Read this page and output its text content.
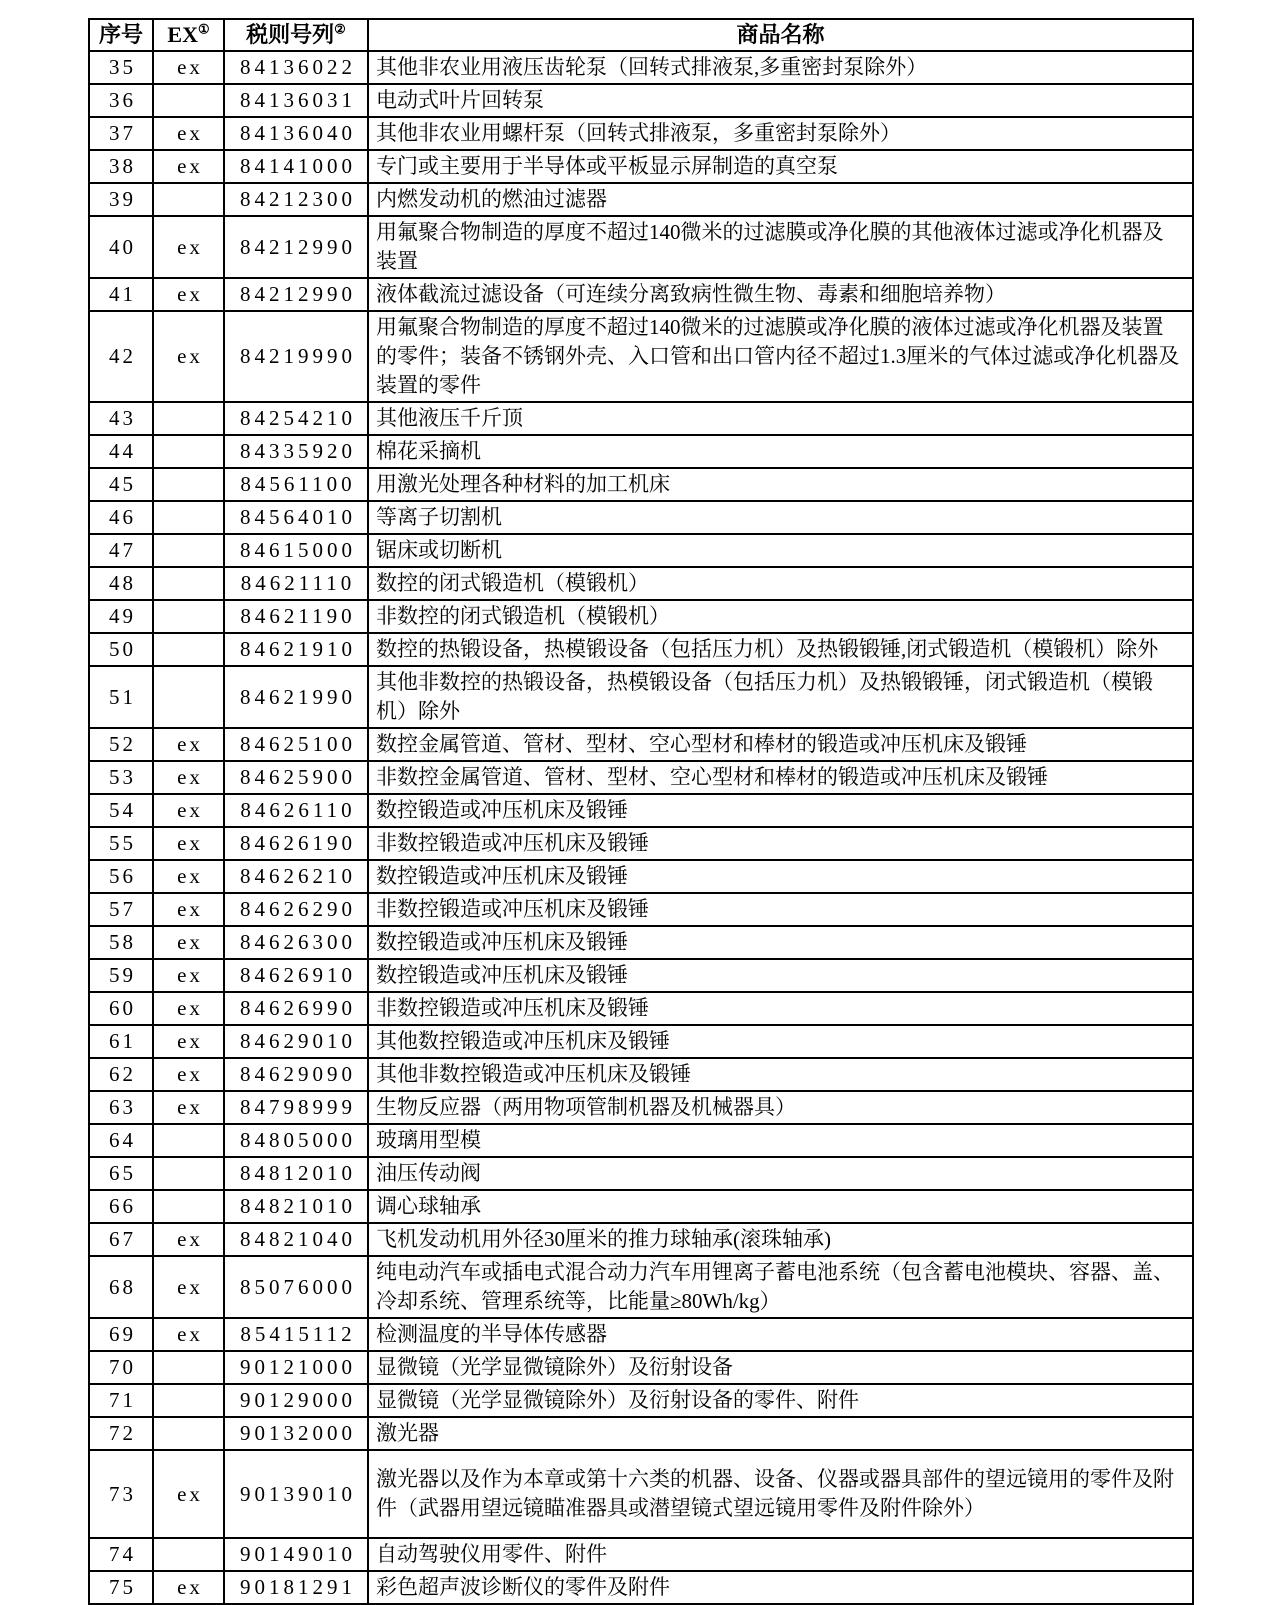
序号	EX①	税则号列②	商品名称
35	ex	84136022	其他非农业用液压齿轮泵（回转式排液泵,多重密封泵除外）
36		84136031	电动式叶片回转泵
37	ex	84136040	其他非农业用螺杆泵（回转式排液泵，多重密封泵除外）
38	ex	84141000	专门或主要用于半导体或平板显示屏制造的真空泵
39		84212300	内燃发动机的燃油过滤器
40	ex	84212990	用氟聚合物制造的厚度不超过140微米的过滤膜或净化膜的其他液体过滤或净化机器及装置
41	ex	84212990	液体截流过滤设备（可连续分离致病性微生物、毒素和细胞培养物）
42	ex	84219990	用氟聚合物制造的厚度不超过140微米的过滤膜或净化膜的液体过滤或净化机器及装置的零件；装备不锈钢外壳、入口管和出口管内径不超过1.3厘米的气体过滤或净化机器及装置的零件
43		84254210	其他液压千斤顶
44		84335920	棉花采摘机
45		84561100	用激光处理各种材料的加工机床
46		84564010	等离子切割机
47		84615000	锯床或切断机
48		84621110	数控的闭式锻造机（模锻机）
49		84621190	非数控的闭式锻造机（模锻机）
50		84621910	数控的热锻设备，热模锻设备（包括压力机）及热锻锻锤,闭式锻造机（模锻机）除外
51		84621990	其他非数控的热锻设备，热模锻设备（包括压力机）及热锻锻锤，闭式锻造机（模锻机）除外
52	ex	84625100	数控金属管道、管材、型材、空心型材和棒材的锻造或冲压机床及锻锤
53	ex	84625900	非数控金属管道、管材、型材、空心型材和棒材的锻造或冲压机床及锻锤
54	ex	84626110	数控锻造或冲压机床及锻锤
55	ex	84626190	非数控锻造或冲压机床及锻锤
56	ex	84626210	数控锻造或冲压机床及锻锤
57	ex	84626290	非数控锻造或冲压机床及锻锤
58	ex	84626300	数控锻造或冲压机床及锻锤
59	ex	84626910	数控锻造或冲压机床及锻锤
60	ex	84626990	非数控锻造或冲压机床及锻锤
61	ex	84629010	其他数控锻造或冲压机床及锻锤
62	ex	84629090	其他非数控锻造或冲压机床及锻锤
63	ex	84798999	生物反应器（两用物项管制机器及机械器具）
64		84805000	玻璃用型模
65		84812010	油压传动阀
66		84821010	调心球轴承
67	ex	84821040	飞机发动机用外径30厘米的推力球轴承(滚珠轴承)
68	ex	85076000	纯电动汽车或插电式混合动力汽车用锂离子蓄电池系统（包含蓄电池模块、容器、盖、冷却系统、管理系统等，比能量≥80Wh/kg）
69	ex	85415112	检测温度的半导体传感器
70		90121000	显微镜（光学显微镜除外）及衍射设备
71		90129000	显微镜（光学显微镜除外）及衍射设备的零件、附件
72		90132000	激光器
73	ex	90139010	激光器以及作为本章或第十六类的机器、设备、仪器或器具部件的望远镜用的零件及附件（武器用望远镜瞄准器具或潜望镜式望远镜用零件及附件除外）
74		90149010	自动驾驶仪用零件、附件
75	ex	90181291	彩色超声波诊断仪的零件及附件
